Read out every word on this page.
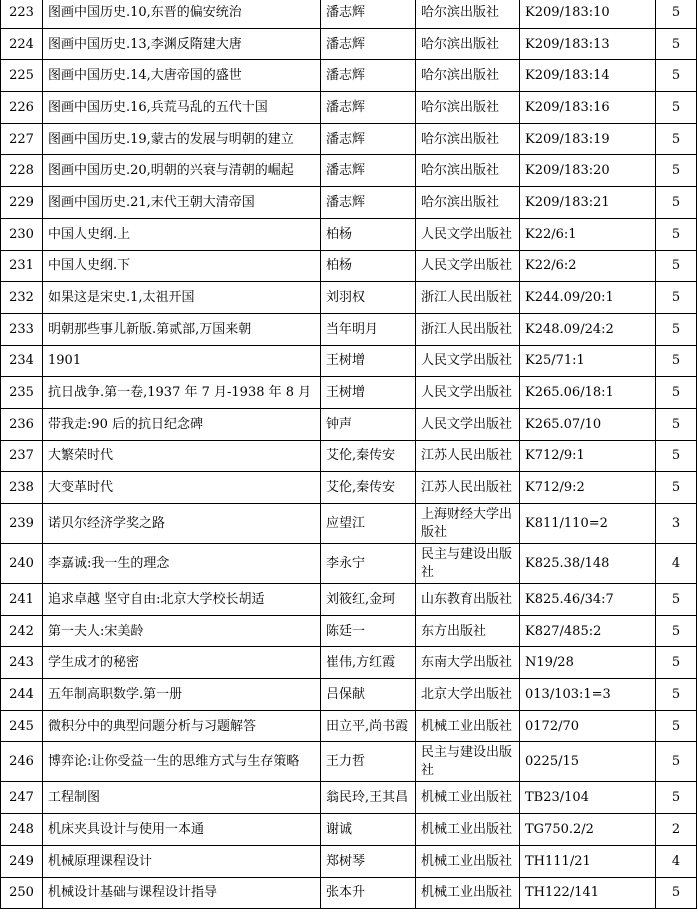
223	图画中国历史.10,东晋的偏安统治	潘志辉	哈尔滨出版社	K209/183:10	5
224	图画中国历史.13,李渊反隋建大唐	潘志辉	哈尔滨出版社	K209/183:13	5
225	图画中国历史.14,大唐帝国的盛世	潘志辉	哈尔滨出版社	K209/183:14	5
226	图画中国历史.16,兵荒马乱的五代十国	潘志辉	哈尔滨出版社	K209/183:16	5
227	图画中国历史.19,蒙古的发展与明朝的建立	潘志辉	哈尔滨出版社	K209/183:19	5
228	图画中国历史.20,明朝的兴衰与清朝的崛起	潘志辉	哈尔滨出版社	K209/183:20	5
229	图画中国历史.21,末代王朝大清帝国	潘志辉	哈尔滨出版社	K209/183:21	5
230	中国人史纲.上	柏杨	人民文学出版社	K22/6:1	5
231	中国人史纲.下	柏杨	人民文学出版社	K22/6:2	5
232	如果这是宋史.1,太祖开国	刘羽权	浙江人民出版社	K244.09/20:1	5
233	明朝那些事儿新版.第贰部,万国来朝	当年明月	浙江人民出版社	K248.09/24:2	5
234	1901	王树增	人民文学出版社	K25/71:1	5
235	抗日战争.第一卷,1937 年 7 月-1938 年 8 月	王树增	人民文学出版社	K265.06/18:1	5
236	带我走:90 后的抗日纪念碑	钟声	人民文学出版社	K265.07/10	5
237	大繁荣时代	艾伦,秦传安	江苏人民出版社	K712/9:1	5
238	大变革时代	艾伦,秦传安	江苏人民出版社	K712/9:2	5
239	诺贝尔经济学奖之路	应望江	上海财经大学出版社	K811/110=2	3
240	李嘉诚:我一生的理念	李永宁	民主与建设出版社	K825.38/148	4
241	追求卓越 坚守自由:北京大学校长胡适	刘筱红,金珂	山东教育出版社	K825.46/34:7	5
242	第一夫人:宋美龄	陈廷一	东方出版社	K827/485:2	5
243	学生成才的秘密	崔伟,方红霞	东南大学出版社	N19/28	5
244	五年制高职数学.第一册	吕保献	北京大学出版社	013/103:1=3	5
245	微积分中的典型问题分析与习题解答	田立平,尚书霞	机械工业出版社	0172/70	5
246	博弈论:让你受益一生的思维方式与生存策略	王力哲	民主与建设出版社	0225/15	5
247	工程制图	翁民玲,王其昌	机械工业出版社	TB23/104	5
248	机床夹具设计与使用一本通	谢诚	机械工业出版社	TG750.2/2	2
249	机械原理课程设计	郑树琴	机械工业出版社	TH111/21	4
250	机械设计基础与课程设计指导	张本升	机械工业出版社	TH122/141	5
